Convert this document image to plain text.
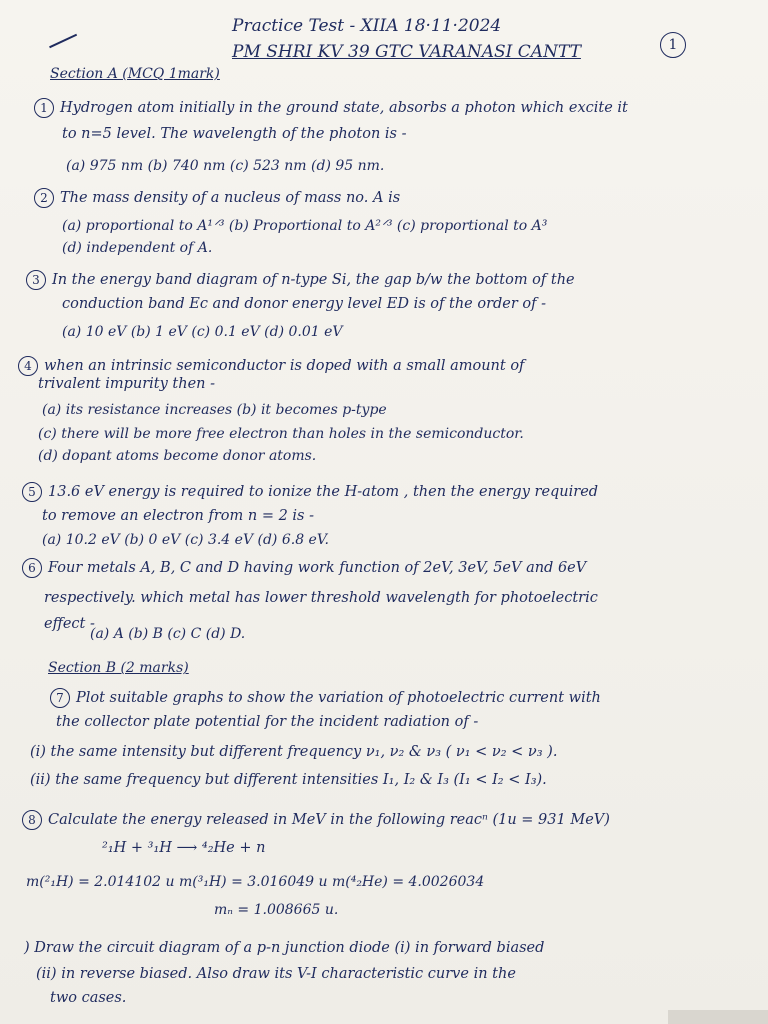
Practice Test - XIIA 18·11·2024
PM SHRI KV 39 GTC VARANASI CANTT	1
Section A (MCQ 1mark)
1 Hydrogen atom initially in the ground state, absorbs a photon which excite it
to n=5 level. The wavelength of the photon is -
(a) 975 nm (b) 740 nm (c) 523 nm (d) 95 nm.
2 The mass density of a nucleus of mass no. A is
(a) proportional to A¹ᐟ³ (b) Proportional to A²ᐟ³ (c) proportional to A³
(d) independent of A.
3 In the energy band diagram of n-type Si, the gap b/w the bottom of the
conduction band Ec and donor energy level ED is of the order of -
(a) 10 eV (b) 1 eV (c) 0.1 eV (d) 0.01 eV
4 when an intrinsic semiconductor is doped with a small amount of
trivalent impurity then -
(a) its resistance increases (b) it becomes p-type
(c) there will be more free electron than holes in the semiconductor.
(d) dopant atoms become donor atoms.
5 13.6 eV energy is required to ionize the H-atom , then the energy required
to remove an electron from n = 2 is -
(a) 10.2 eV (b) 0 eV (c) 3.4 eV (d) 6.8 eV.
6 Four metals A, B, C and D having work function of 2eV, 3eV, 5eV and 6eV
respectively. which metal has lower threshold wavelength for photoelectric
effect -
(a) A (b) B (c) C (d) D.
Section B (2 marks)
7 Plot suitable graphs to show the variation of photoelectric current with
the collector plate potential for the incident radiation of -
(i) the same intensity but different frequency ν₁, ν₂ & ν₃ ( ν₁ < ν₂ < ν₃ ).
(ii) the same frequency but different intensities I₁, I₂ & I₃ (I₁ < I₂ < I₃).
8 Calculate the energy released in MeV in the following reacⁿ (1u = 931 MeV)
²₁H + ³₁H ⟶ ⁴₂He + n
m(²₁H) = 2.014102 u m(³₁H) = 3.016049 u m(⁴₂He) = 4.0026034
mₙ = 1.008665 u.
) Draw the circuit diagram of a p-n junction diode (i) in forward biased
(ii) in reverse biased. Also draw its V-I characteristic curve in the
two cases.
